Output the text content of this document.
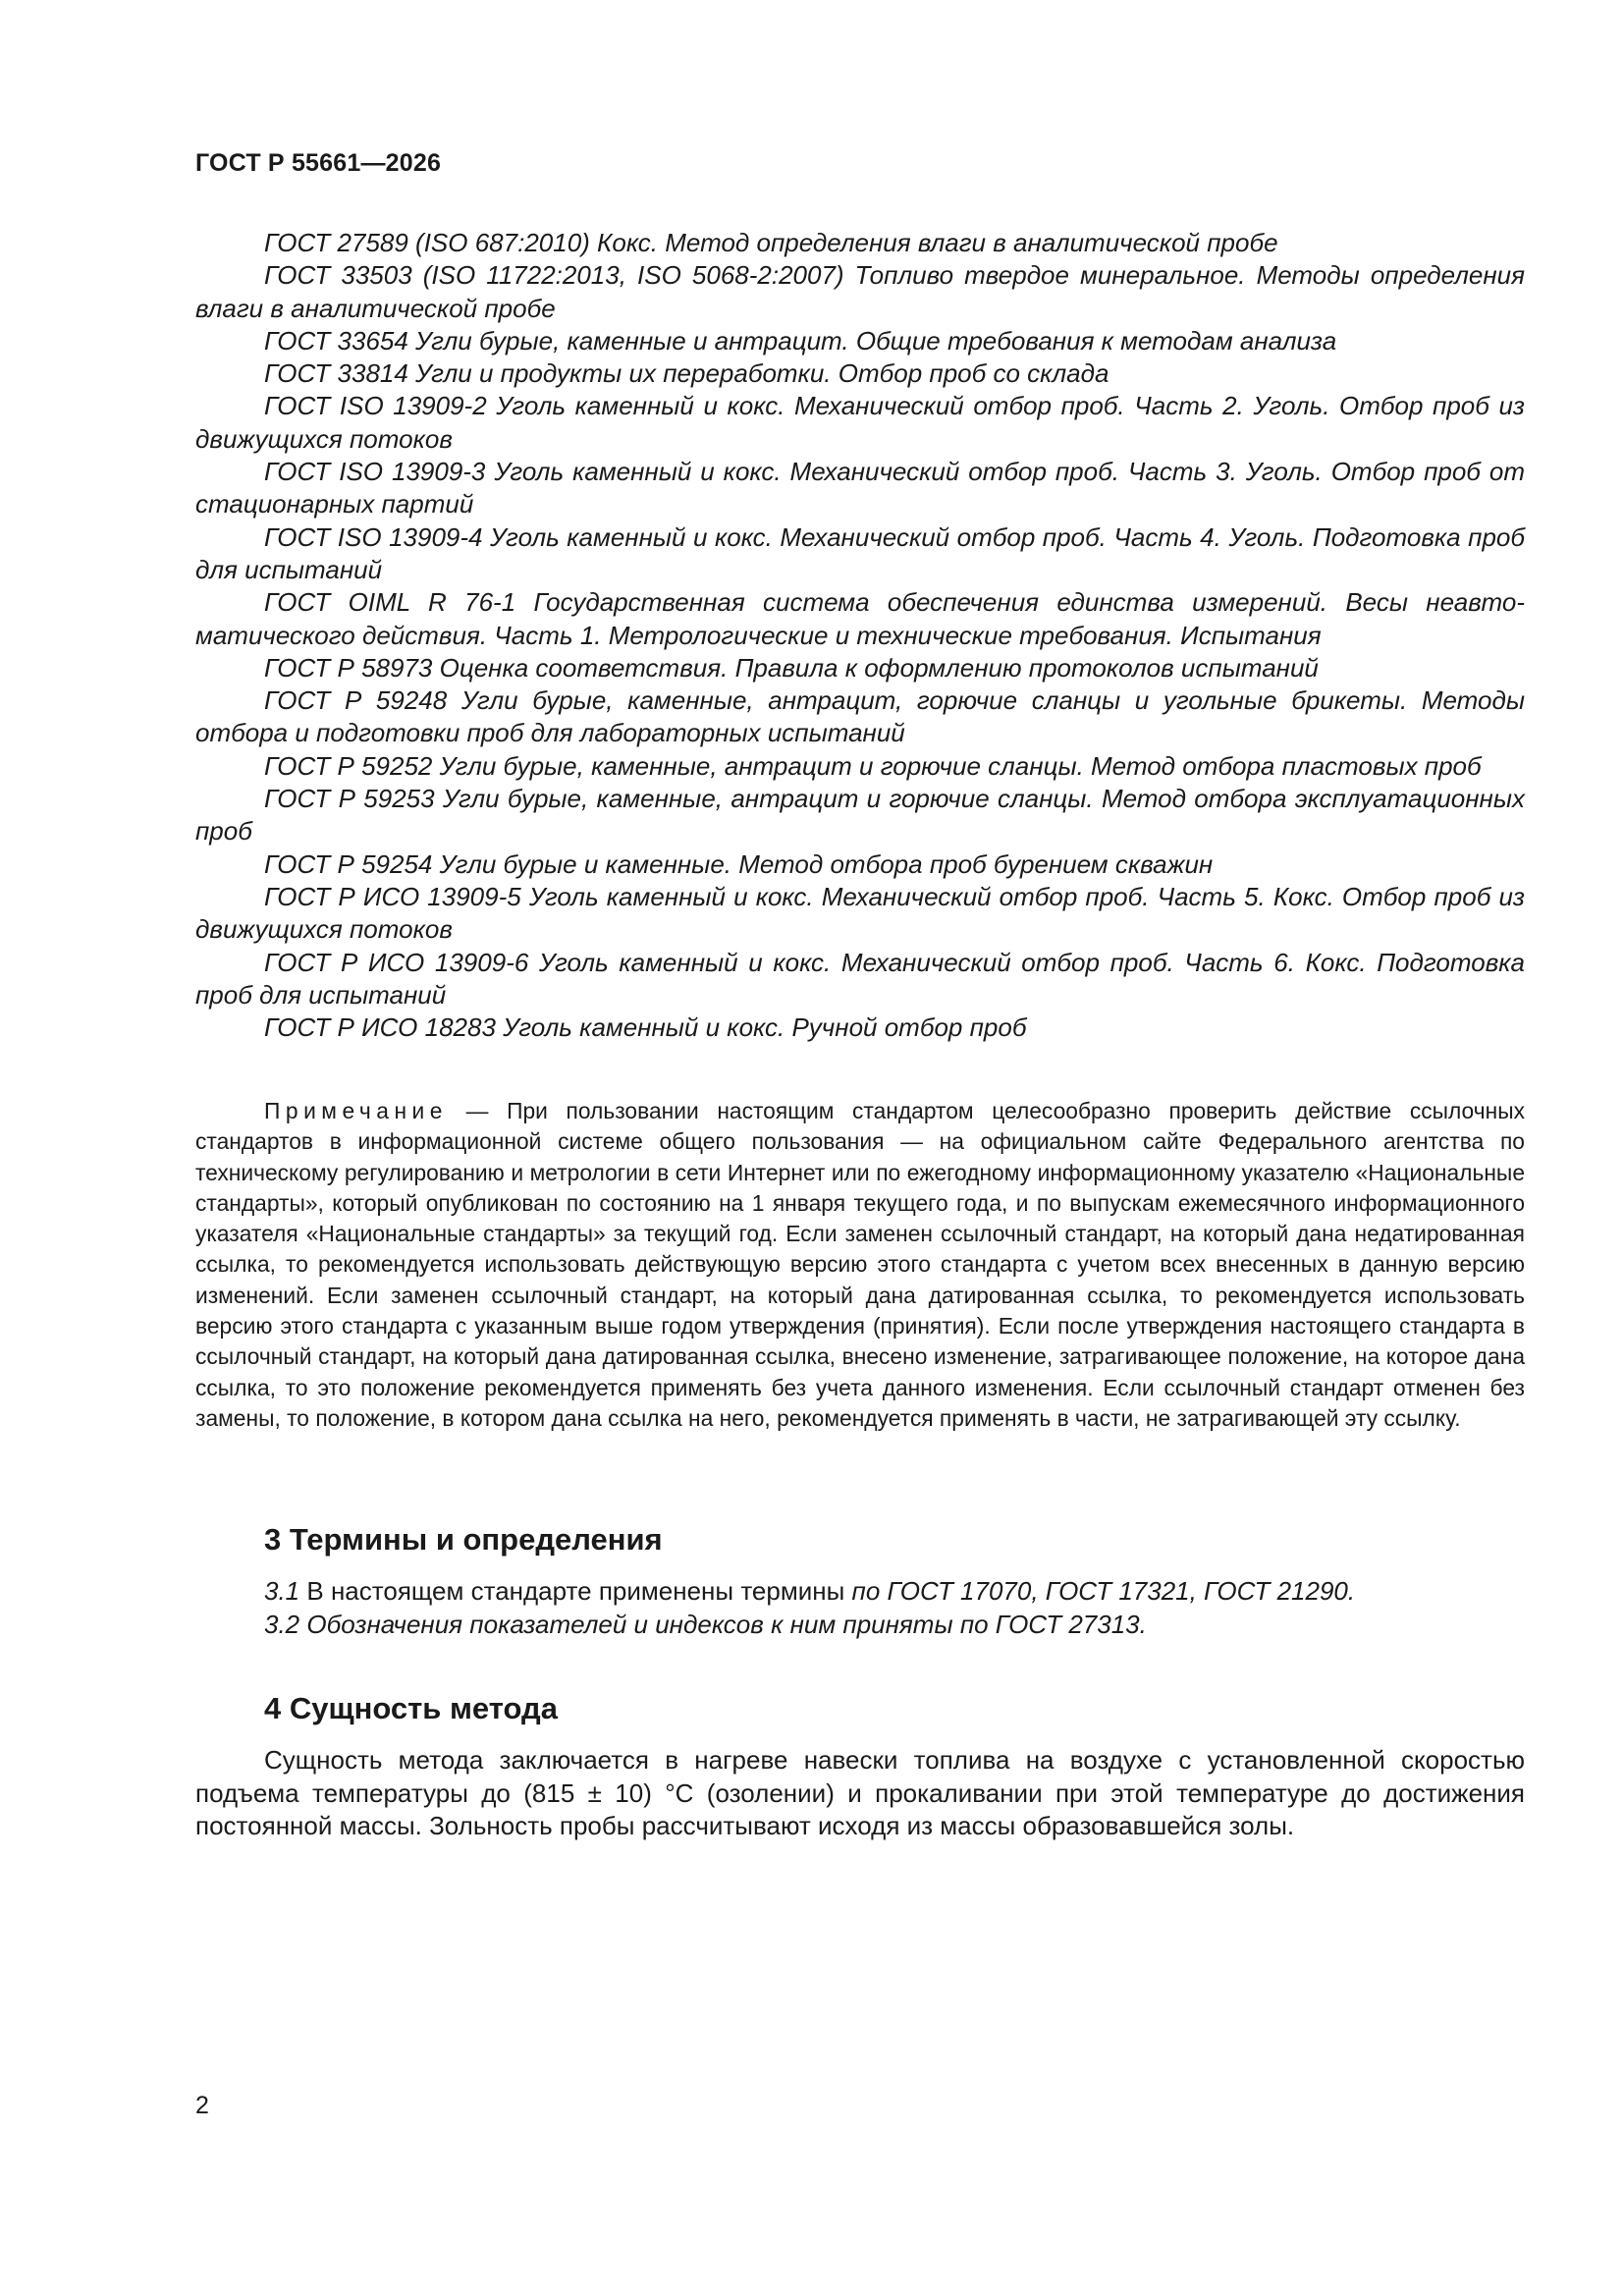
ГОСТ Р 55661—2026

ГОСТ 27589 (ISO 687:2010) Кокс. Метод определения влаги в аналитической пробе

ГОСТ 33503 (ISO 11722:2013, ISO 5068-2:2007) Топливо твердое минеральное. Методы определения влаги в аналитической пробе

ГОСТ 33654 Угли бурые, каменные и антрацит. Общие требования к методам анализа

ГОСТ 33814 Угли и продукты их переработки. Отбор проб со склада

ГОСТ ISO 13909-2 Уголь каменный и кокс. Механический отбор проб. Часть 2. Уголь. Отбор проб из движущихся потоков

ГОСТ ISO 13909-3 Уголь каменный и кокс. Механический отбор проб. Часть 3. Уголь. Отбор проб от стационарных партий

ГОСТ ISO 13909-4 Уголь каменный и кокс. Механический отбор проб. Часть 4. Уголь. Подготовка проб для испытаний

ГОСТ OIML R 76-1 Государственная система обеспечения единства измерений. Весы неавтоматического действия. Часть 1. Метрологические и технические требования. Испытания

ГОСТ Р 58973 Оценка соответствия. Правила к оформлению протоколов испытаний

ГОСТ Р 59248 Угли бурые, каменные, антрацит, горючие сланцы и угольные брикеты. Методы отбора и подготовки проб для лабораторных испытаний

ГОСТ Р 59252 Угли бурые, каменные, антрацит и горючие сланцы. Метод отбора пластовых проб

ГОСТ Р 59253 Угли бурые, каменные, антрацит и горючие сланцы. Метод отбора эксплуатационных проб

ГОСТ Р 59254 Угли бурые и каменные. Метод отбора проб бурением скважин

ГОСТ Р ИСО 13909-5 Уголь каменный и кокс. Механический отбор проб. Часть 5. Кокс. Отбор проб из движущихся потоков

ГОСТ Р ИСО 13909-6 Уголь каменный и кокс. Механический отбор проб. Часть 6. Кокс. Подготовка проб для испытаний

ГОСТ Р ИСО 18283 Уголь каменный и кокс. Ручной отбор проб

Примечание — При пользовании настоящим стандартом целесообразно проверить действие ссылочных стандартов в информационной системе общего пользования — на официальном сайте Федерального агентства по техническому регулированию и метрологии в сети Интернет или по ежегодному информационному указателю «Национальные стандарты», который опубликован по состоянию на 1 января текущего года, и по выпускам ежемесячного информационного указателя «Национальные стандарты» за текущий год. Если заменен ссылочный стандарт, на который дана недатированная ссылка, то рекомендуется использовать действующую версию этого стандарта с учетом всех внесенных в данную версию изменений. Если заменен ссылочный стандарт, на который дана датированная ссылка, то рекомендуется использовать версию этого стандарта с указанным выше годом утверждения (принятия). Если после утверждения настоящего стандарта в ссылочный стандарт, на который дана датированная ссылка, внесено изменение, затрагивающее положение, на которое дана ссылка, то это положение рекомендуется применять без учета данного изменения. Если ссылочный стандарт отменен без замены, то положение, в котором дана ссылка на него, рекомендуется применять в части, не затрагивающей эту ссылку.

3 Термины и определения

3.1 В настоящем стандарте применены термины по ГОСТ 17070, ГОСТ 17321, ГОСТ 21290.

3.2 Обозначения показателей и индексов к ним приняты по ГОСТ 27313.

4 Сущность метода

Сущность метода заключается в нагреве навески топлива на воздухе с установленной скоростью подъема температуры до (815 ± 10) °С (озолении) и прокаливании при этой температуре до достижения постоянной массы. Зольность пробы рассчитывают исходя из массы образовавшейся золы.

2
